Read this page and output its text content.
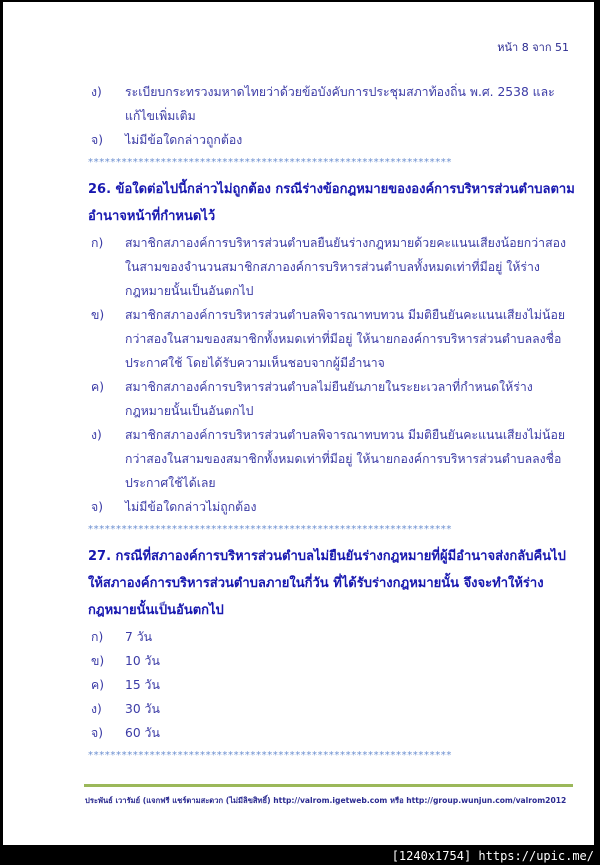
หน้า 8 จาก 51
ง)	ระเบียบกระทรวงมหาดไทยว่าด้วยข้อบังคับการประชุมสภาท้องถิ่น พ.ศ. 2538 และแก้ไขเพิ่มเติม
จ)	ไม่มีข้อใดกล่าวถูกต้อง
*****************************************************************
26. ข้อใดต่อไปนี้กล่าวไม่ถูกต้อง กรณีร่างข้อกฎหมายขององค์การบริหารส่วนตำบลตามอำนาจหน้าที่กำหนดไว้
ก)	สมาชิกสภาองค์การบริหารส่วนตำบลยืนยันร่างกฎหมายด้วยคะแนนเสียงน้อยกว่าสองในสามของจำนวนสมาชิกสภาองค์การบริหารส่วนตำบลทั้งหมดเท่าที่มีอยู่ ให้ร่างกฎหมายนั้นเป็นอันตกไป
ข)	สมาชิกสภาองค์การบริหารส่วนตำบลพิจารณาทบทวน มีมติยืนยันคะแนนเสียงไม่น้อยกว่าสองในสามของสมาชิกทั้งหมดเท่าที่มีอยู่ ให้นายกองค์การบริหารส่วนตำบลลงชื่อประกาศใช้ โดยได้รับความเห็นชอบจากผู้มีอำนาจ
ค)	สมาชิกสภาองค์การบริหารส่วนตำบลไม่ยืนยันภายในระยะเวลาที่กำหนดให้ร่างกฎหมายนั้นเป็นอันตกไป
ง)	สมาชิกสภาองค์การบริหารส่วนตำบลพิจารณาทบทวน มีมติยืนยันคะแนนเสียงไม่น้อยกว่าสองในสามของสมาชิกทั้งหมดเท่าที่มีอยู่ ให้นายกองค์การบริหารส่วนตำบลลงชื่อประกาศใช้ได้เลย
จ)	ไม่มีข้อใดกล่าวไม่ถูกต้อง
*****************************************************************
27. กรณีที่สภาองค์การบริหารส่วนตำบลไม่ยืนยันร่างกฎหมายที่ผู้มีอำนาจส่งกลับคืนไปให้สภาองค์การบริหารส่วนตำบลภายในกี่วัน ที่ได้รับร่างกฎหมายนั้น จึงจะทำให้ร่างกฎหมายนั้นเป็นอันตกไป
ก)	7 วัน
ข)	10 วัน
ค)	15 วัน
ง)	30 วัน
จ)	60 วัน
*****************************************************************
ประพันธ์ เวารัมย์ (แจกฟรี แชร์ตามสะดวก (ไม่มีลิขสิทธิ์) http://valrom.igetweb.com หรือ http://group.wunjun.com/valrom2012
[1240x1754] https://upic.me/
